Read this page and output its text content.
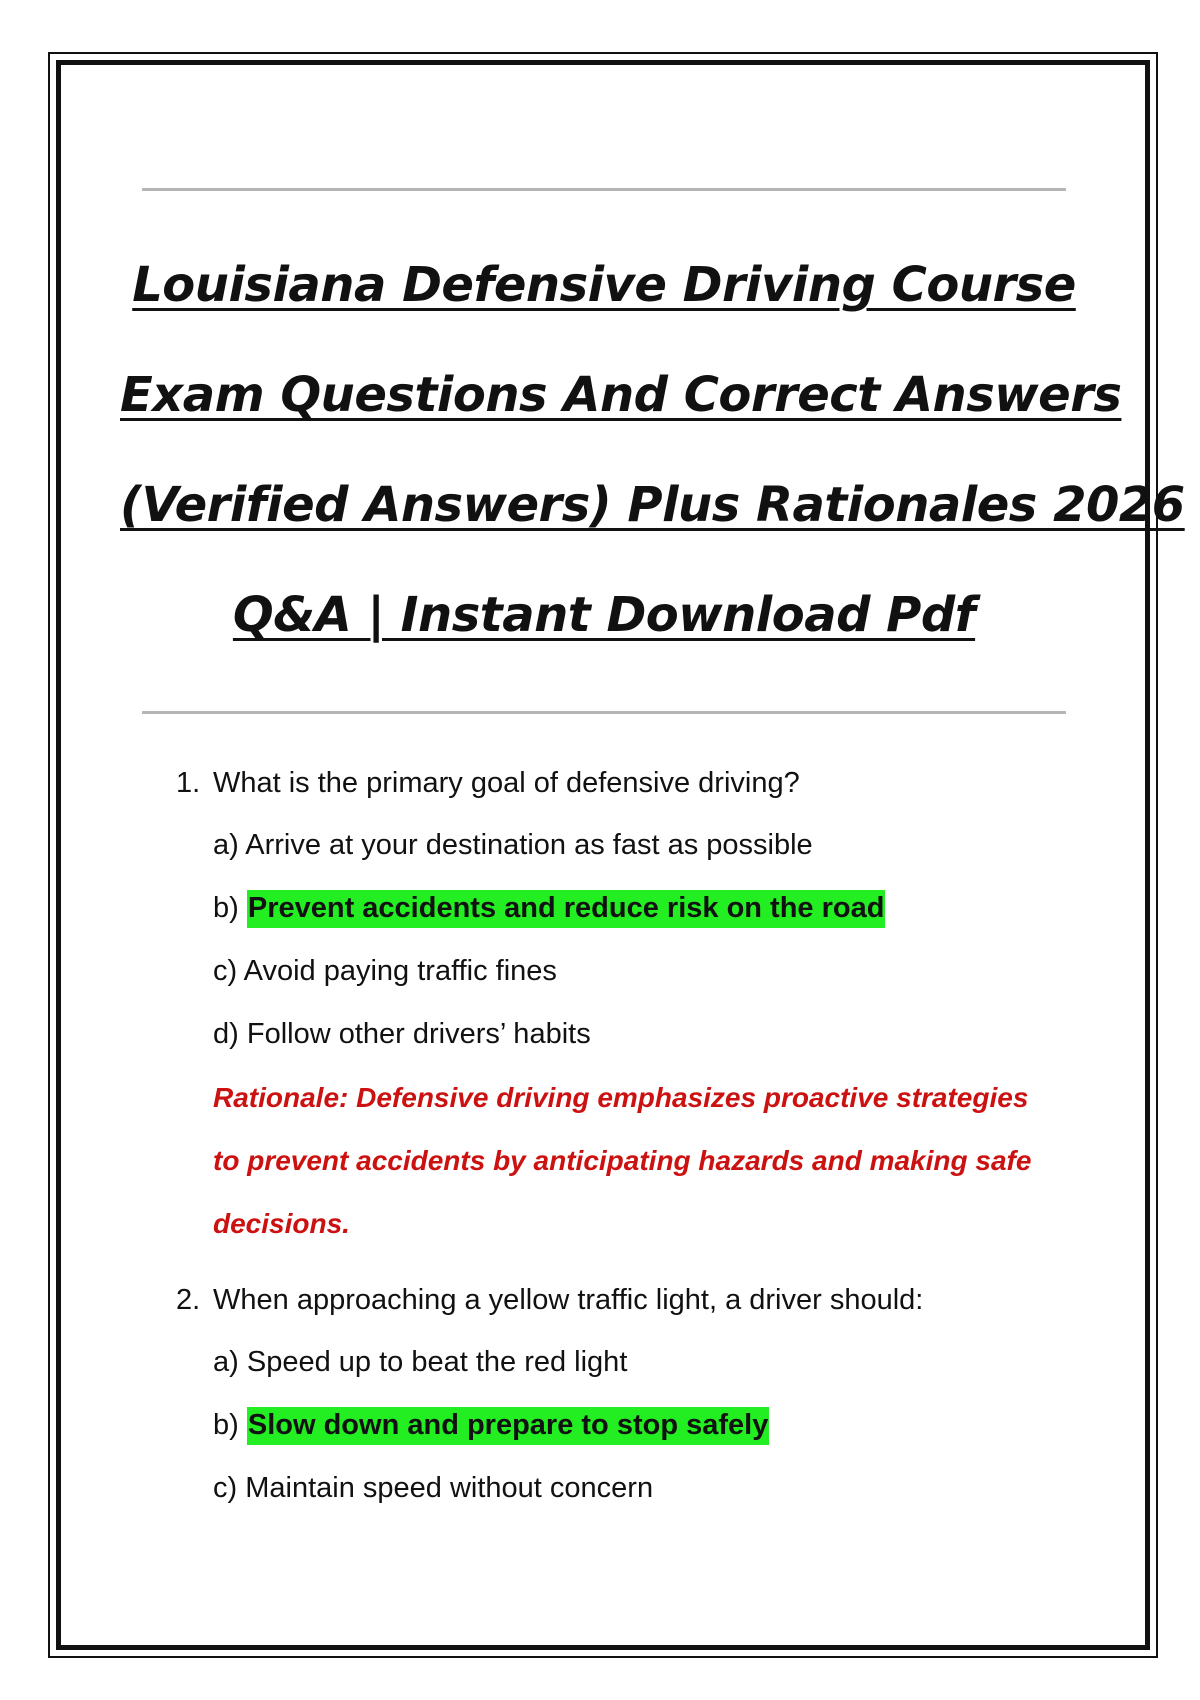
Louisiana Defensive Driving Course
Exam Questions And Correct Answers
(Verified Answers) Plus Rationales 2026
Q&A | Instant Download Pdf
1. What is the primary goal of defensive driving?
a) Arrive at your destination as fast as possible
b) Prevent accidents and reduce risk on the road
c) Avoid paying traffic fines
d) Follow other drivers’ habits
Rationale: Defensive driving emphasizes proactive strategies to prevent accidents by anticipating hazards and making safe decisions.
2. When approaching a yellow traffic light, a driver should:
a) Speed up to beat the red light
b) Slow down and prepare to stop safely
c) Maintain speed without concern
